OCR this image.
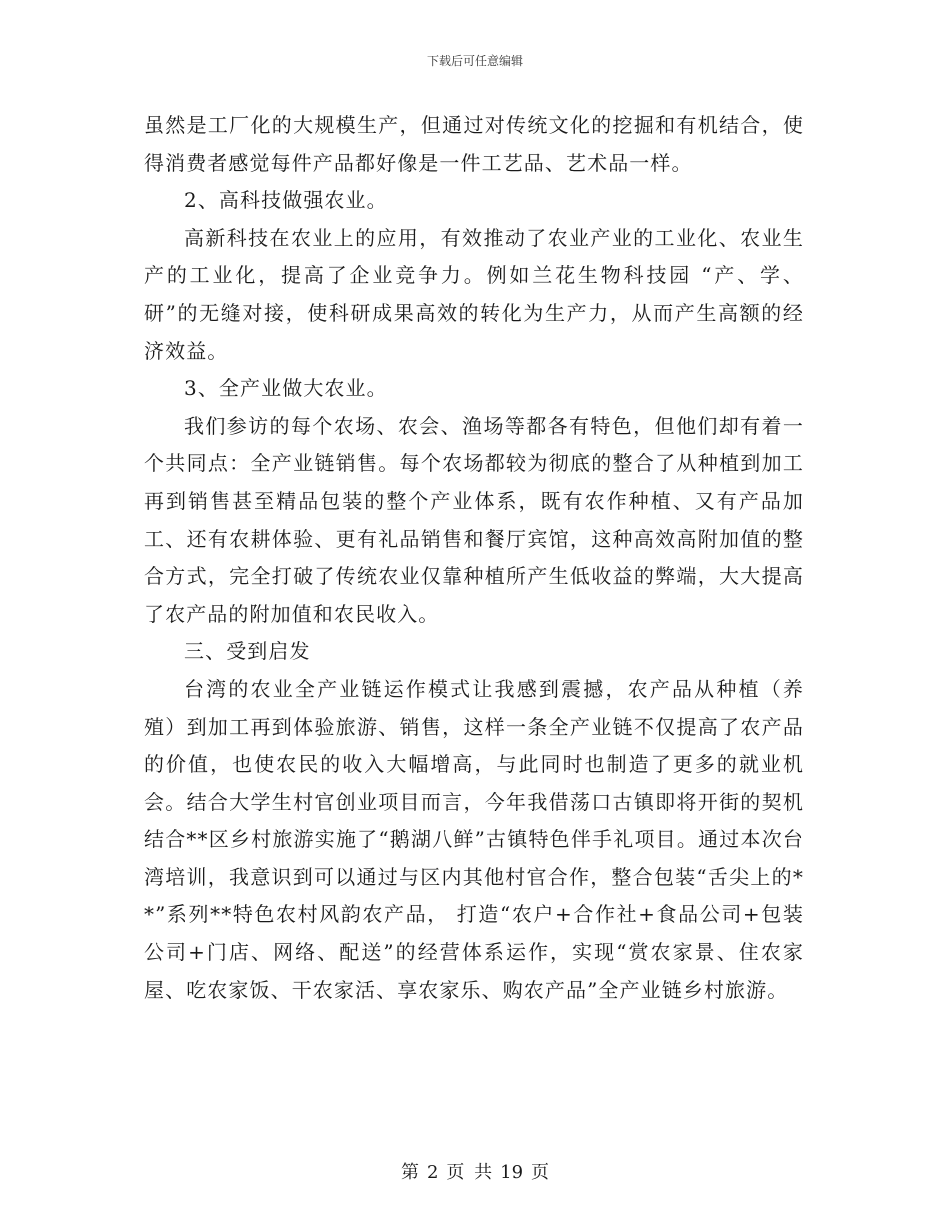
下载后可任意编辑

虽然是工厂化的大规模生产，但通过对传统文化的挖掘和有机结合，使得消费者感觉每件产品都好像是一件工艺品、艺术品一样。

2、高科技做强农业。

高新科技在农业上的应用，有效推动了农业产业的工业化、农业生产的工业化，提高了企业竞争力。例如兰花生物科技园 “产、学、研”的无缝对接，使科研成果高效的转化为生产力，从而产生高额的经济效益。

3、全产业做大农业。

我们参访的每个农场、农会、渔场等都各有特色，但他们却有着一个共同点：全产业链销售。每个农场都较为彻底的整合了从种植到加工再到销售甚至精品包装的整个产业体系，既有农作种植、又有产品加工、还有农耕体验、更有礼品销售和餐厅宾馆，这种高效高附加值的整合方式，完全打破了传统农业仅靠种植所产生低收益的弊端，大大提高了农产品的附加值和农民收入。

三、受到启发

台湾的农业全产业链运作模式让我感到震撼，农产品从种植（养殖）到加工再到体验旅游、销售，这样一条全产业链不仅提高了农产品的价值，也使农民的收入大幅增高，与此同时也制造了更多的就业机会。结合大学生村官创业项目而言，今年我借荡口古镇即将开街的契机结合**区乡村旅游实施了“鹅湖八鲜”古镇特色伴手礼项目。通过本次台湾培训，我意识到可以通过与区内其他村官合作，整合包装“舌尖上的**”系列**特色农村风韵农产品， 打造“农户+合作社+食品公司+包装公司+门店、网络、配送”的经营体系运作，实现“赏农家景、住农家屋、吃农家饭、干农家活、享农家乐、购农产品”全产业链乡村旅游。

第 2 页 共 19 页
